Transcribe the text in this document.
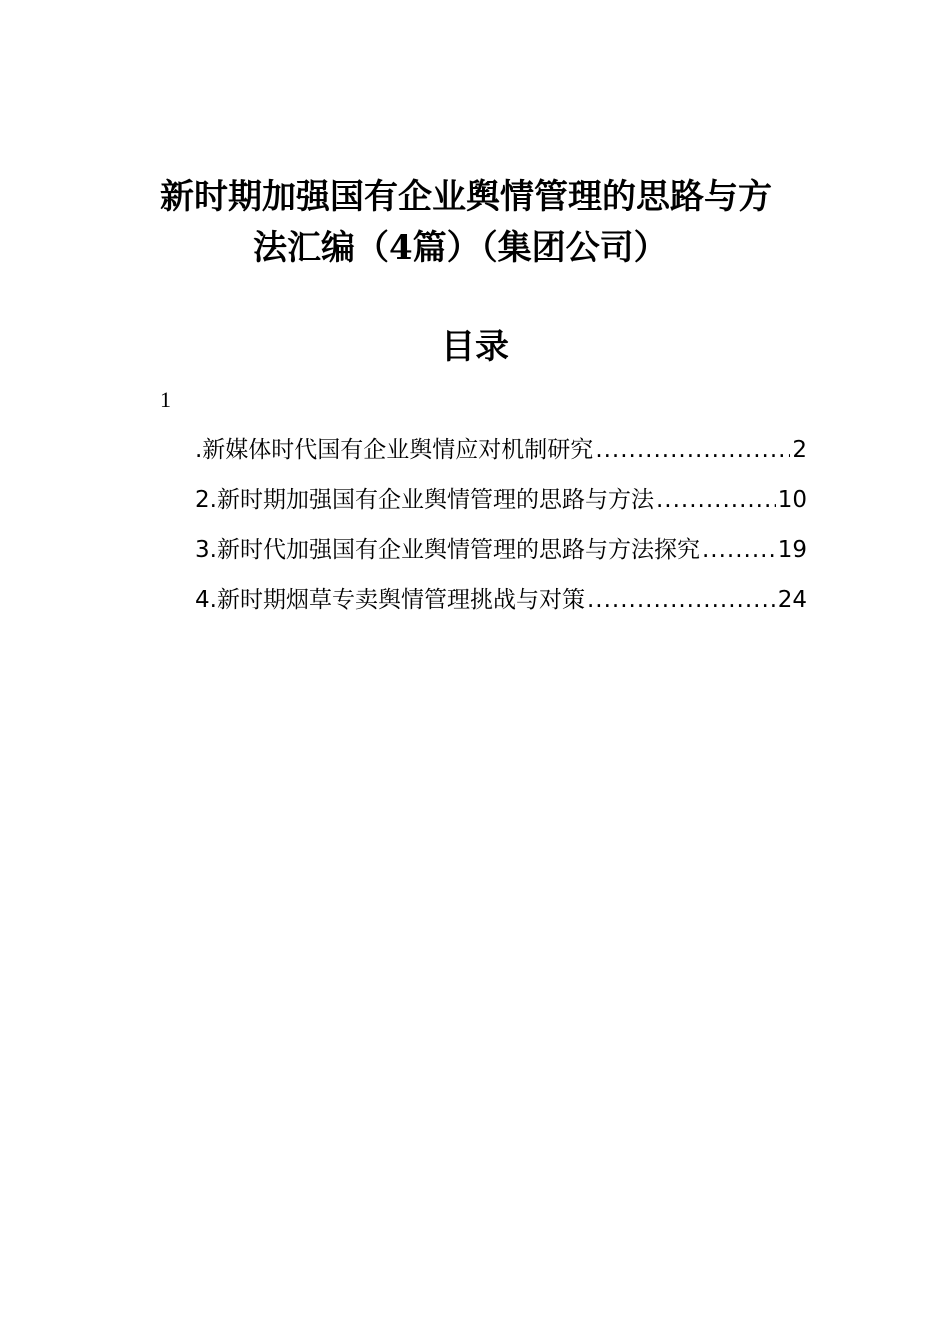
新时期加强国有企业舆情管理的思路与方
法汇编（4篇）（集团公司）
目录
1
.新媒体时代国有企业舆情应对机制研究 .....	2
2.新时期加强国有企业舆情管理的思路与方法 .....	10
3.新时代加强国有企业舆情管理的思路与方法探究 .....	19
4.新时期烟草专卖舆情管理挑战与对策 .....	24
